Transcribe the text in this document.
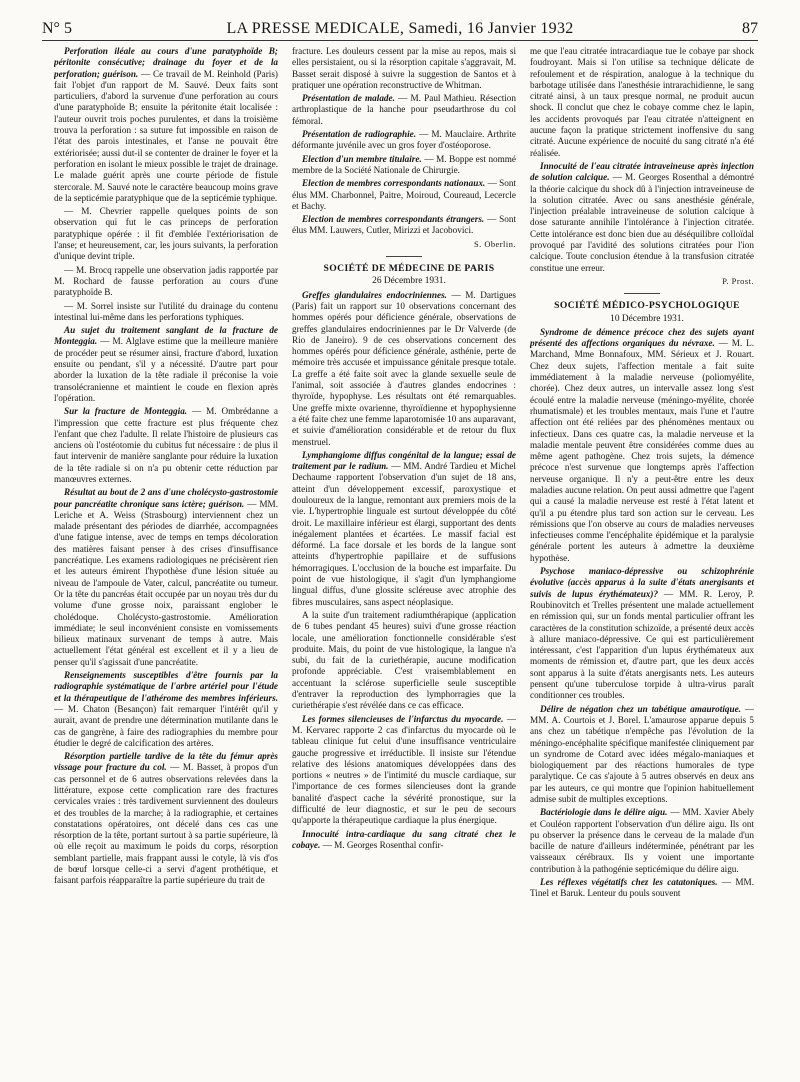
N° 5	LA PRESSE MEDICALE, Samedi, 16 Janvier 1932	87

Perforation iléale au cours d'une paratyphoïde B; péritonite consécutive; drainage du foyer et de la perforation; guérison. — Ce travail de M. Reinhold (Paris) fait l'objet d'un rapport de M. Sauvé. Deux faits sont particuliers, d'abord la survenue d'une perforation au cours d'une paratyphoïde B; ensuite la péritonite était localisée : l'auteur ouvrit trois poches purulentes, et dans la troisième trouva la perforation : sa suture fut impossible en raison de l'état des parois intestinales, et l'anse ne pouvait être extériorisée; aussi dut-il se contenter de drainer le foyer et la perforation en isolant le mieux possible le trajet de drainage. Le malade guérit après une courte période de fistule stercorale. M. Sauvé note le caractère beaucoup moins grave de la septicémie paratyphique que de la septicémie typhique.

— M. Chevrier rappelle quelques points de son observation qui fut le cas princeps de perforation paratyphique opérée : il fit d'emblée l'extériorisation de l'anse; et heureusement, car, les jours suivants, la perforation d'unique devint triple.

— M. Brocq rappelle une observation jadis rapportée par M. Rochard de fausse perforation au cours d'une paratyphoïde B.

— M. Sorrel insiste sur l'utilité du drainage du contenu intestinal lui-même dans les perforations typhiques.

Au sujet du traitement sanglant de la fracture de Monteggia. — M. Alglave estime que la meilleure manière de procéder peut se résumer ainsi, fracture d'abord, luxation ensuite ou pendant, s'il y a nécessité. D'autre part pour aborder la luxation de la tête radiale il préconise la voie transolécranienne et maintient le coude en flexion après l'opération.

Sur la fracture de Monteggia. — M. Ombrédanne a l'impression que cette fracture est plus fréquente chez l'enfant que chez l'adulte. Il relate l'histoire de plusieurs cas anciens où l'ostéotomie du cubitus fut nécessaire : de plus il faut intervenir de manière sanglante pour réduire la luxation de la tête radiale si on n'a pu obtenir cette réduction par manœuvres externes.

Résultat au bout de 2 ans d'une cholécysto-gastrostomie pour pancréatite chronique sans ictère; guérison. — MM. Leriche et A. Weiss (Strasbourg) interviennent chez un malade présentant des périodes de diarrhée, accompagnées d'une fatigue intense, avec de temps en temps décoloration des matières faisant penser à des crises d'insuffisance pancréatique. Les examens radiologiques ne précisèrent rien et les auteurs émirent l'hypothèse d'une lésion située au niveau de l'ampoule de Vater, calcul, pancréatite ou tumeur. Or la tête du pancréas était occupée par un noyau très dur du volume d'une grosse noix, paraissant englober le cholédoque. Cholécysto-gastrostomie. Amélioration immédiate; le seul inconvénient consiste en vomissements bilieux matinaux survenant de temps à autre. Mais actuellement l'état général est excellent et il y a lieu de penser qu'il s'agissait d'une pancréatite.

Renseignements susceptibles d'être fournis par la radiographie systématique de l'arbre artériel pour l'étude et la thérapeutique de l'athérome des membres inférieurs. — M. Chaton (Besançon) fait remarquer l'intérêt qu'il y aurait, avant de prendre une détermination mutilante dans le cas de gangrène, à faire des radiographies du membre pour étudier le degré de calcification des artères.

Résorption partielle tardive de la tête du fémur après vissage pour fracture du col. — M. Basset, à propos d'un cas personnel et de 6 autres observations relevées dans la littérature, expose cette complication rare des fractures cervicales vraies : très tardivement surviennent des douleurs et des troubles de la marche; à la radiographie, et certaines constatations opératoires, ont décelé dans ces cas une résorption de la tête, portant surtout à sa partie supérieure, là où elle reçoit au maximum le poids du corps, résorption semblant partielle, mais frappant aussi le cotyle, là vis d'os de bœuf lorsque celle-ci a servi d'agent prothétique, et faisant parfois réapparaître la partie supérieure du trait de

fracture. Les douleurs cessent par la mise au repos, mais si elles persistaient, ou si la résorption capitale s'aggravait, M. Basset serait disposé à suivre la suggestion de Santos et à pratiquer une opération reconstructive de Whitman.

Présentation de malade. — M. Paul Mathieu. Résection arthroplastique de la hanche pour pseudarthrose du col fémoral.

Présentation de radiographie. — M. Mauclaire. Arthrite déformante juvénile avec un gros foyer d'ostéoporose.

Election d'un membre titulaire. — M. Boppe est nommé membre de la Société Nationale de Chirurgie.

Election de membres correspondants nationaux. — Sont élus MM. Charbonnel, Paitre, Moiroud, Coureaud, Lecercle et Bachy.

Election de membres correspondants étrangers. — Sont élus MM. Lauwers, Cutler, Mirizzi et Jacobovici.

S. Oberlin.

SOCIÉTÉ DE MÉDECINE DE PARIS

26 Décembre 1931.

Greffes glandulaires endocriniennes. — M. Dartigues (Paris) fait un rapport sur 10 observations concernant des hommes opérés pour déficience générale, observations de greffes glandulaires endocriniennes par le Dr Valverde (de Rio de Janeiro). 9 de ces observations concernent des hommes opérés pour déficience générale, asthénie, perte de mémoire très accusée et impuissance génitale presque totale. La greffe a été faite soit avec la glande sexuelle seule de l'animal, soit associée à d'autres glandes endocrines : thyroïde, hypophyse. Les résultats ont été remarquables. Une greffe mixte ovarienne, thyroïdienne et hypophysienne a été faite chez une femme laparotomisée 10 ans auparavant, et suivie d'amélioration considérable et de retour du flux menstruel.

Lymphangiome diffus congénital de la langue; essai de traitement par le radium. — MM. André Tardieu et Michel Dechaume rapportent l'observation d'un sujet de 18 ans, atteint d'un développement excessif, paroxystique et douloureux de la langue, remontant aux premiers mois de la vie. L'hypertrophie linguale est surtout développée du côté droit. Le maxillaire inférieur est élargi, supportant des dents inégalement plantées et écartées. Le massif facial est déformé. La face dorsale et les bords de la langue sont atteints d'hypertrophie papillaire et de suffusions hémorragiques. L'occlusion de la bouche est imparfaite. Du point de vue histologique, il s'agit d'un lymphangiome lingual diffus, d'une glossite scléreuse avec atrophie des fibres musculaires, sans aspect néoplasique.

A la suite d'un traitement radiumthérapique (application de 6 tubes pendant 45 heures) suivi d'une grosse réaction locale, une amélioration fonctionnelle considérable s'est produite. Mais, du point de vue histologique, la langue n'a subi, du fait de la curiethérapie, aucune modification profonde appréciable. C'est vraisemblablement en accentuant la sclérose superficielle seule susceptible d'entraver la reproduction des lymphorragies que la curiethérapie s'est révélée dans ce cas efficace.

Les formes silencieuses de l'infarctus du myocarde. — M. Kervarec rapporte 2 cas d'infarctus du myocarde où le tableau clinique fut celui d'une insuffisance ventriculaire gauche progressive et irréductible. Il insiste sur l'étendue relative des lésions anatomiques développées dans des portions « neutres » de l'intimité du muscle cardiaque, sur l'importance de ces formes silencieuses dont la grande banalité d'aspect cache la sévérité pronostique, sur la difficulté de leur diagnostic, et sur le peu de secours qu'apporte la thérapeutique cardiaque la plus énergique.

Innocuité intra-cardiaque du sang citraté chez le cobaye. — M. Georges Rosenthal confir-

me que l'eau citratée intracardiaque tue le cobaye par shock foudroyant. Mais si l'on utilise sa technique délicate de refoulement et de réspiration, analogue à la technique du barbotage utilisée dans l'anesthésie intrarachidienne, le sang citraté ainsi, à un taux presque normal, ne produit aucun shock. Il conclut que chez le cobaye comme chez le lapin, les accidents provoqués par l'eau citratée n'atteignent en aucune façon la pratique strictement inoffensive du sang citraté. Aucune expérience de nocuité du sang citraté n'a été réalisée.

Innocuité de l'eau citratée intraveineuse après injection de solution calcique. — M. Georges Rosenthal a démontré la théorie calcique du shock dû à l'injection intraveineuse de la solution citratée. Avec ou sans anesthésie générale, l'injection préalable intraveineuse de solution calcique à dose saturante annihile l'intolérance à l'injection citratée. Cette intolérance est donc bien due au déséquilibre colloïdal provoqué par l'avidité des solutions citratées pour l'ion calcique. Toute conclusion étendue à la transfusion citratée constitue une erreur.

P. Prost.

SOCIÉTÉ MÉDICO-PSYCHOLOGIQUE

10 Décembre 1931.

Syndrome de démence précoce chez des sujets ayant présenté des affections organiques du névraxe. — M. L. Marchand, Mme Bonnafoux, MM. Sérieux et J. Rouart. Chez deux sujets, l'affection mentale a fait suite immédiatement à la maladie nerveuse (poliomyélite, chorée). Chez deux autres, un intervalle assez long s'est écoulé entre la maladie nerveuse (méningo-myélite, chorée rhumatismale) et les troubles mentaux, mais l'une et l'autre affection ont été reliées par des phénomènes mentaux ou infectieux. Dans ces quatre cas, la maladie nerveuse et la maladie mentale peuvent être considérées comme dues au même agent pathogène. Chez trois sujets, la démence précoce n'est survenue que longtemps après l'affection nerveuse organique. Il n'y a peut-être entre les deux maladies aucune relation. On peut aussi admettre que l'agent qui a causé la maladie nerveuse est resté à l'état latent et qu'il a pu étendre plus tard son action sur le cerveau. Les rémissions que l'on observe au cours de maladies nerveuses infectieuses comme l'encéphalite épidémique et la paralysie générale portent les auteurs à admettre la deuxième hypothèse.

Psychose maniaco-dépressive ou schizophrénie évolutive (accès apparus à la suite d'états anergisants et suivis de lupus érythémateux)? — MM. R. Leroy, P. Roubinovitch et Trelles présentent une malade actuellement en rémission qui, sur un fonds mental particulier offrant les caractères de la constitution schizoïde, a présenté deux accès à allure maniaco-dépressive. Ce qui est particulièrement intéressant, c'est l'apparition d'un lupus érythémateux aux moments de rémission et, d'autre part, que les deux accès sont apparus à la suite d'états anergisants nets. Les auteurs pensent qu'une tuberculose torpide à ultra-virus paraît conditionner ces troubles.

Délire de négation chez un tabétique amaurotique. — MM. A. Courtois et J. Borel. L'amaurose apparue depuis 5 ans chez un tabétique n'empêche pas l'évolution de la méningo-encéphalite spécifique manifestée cliniquement par un syndrome de Cotard avec idées mégalo-maniaques et biologiquement par des réactions humorales de type paralytique. Ce cas s'ajoute à 5 autres observés en deux ans par les auteurs, ce qui montre que l'opinion habituellement admise subit de multiples exceptions.

Bactériologie dans le délire aigu. — MM. Xavier Abely et Couléon rapportent l'observation d'un délire aigu. Ils ont pu observer la présence dans le cerveau de la malade d'un bacille de nature d'ailleurs indéterminée, pénétrant par les vaisseaux cérébraux. Ils y voient une importante contribution à la pathogénie septicémique du délire aigu.

Les réflexes végétatifs chez les catatoniques. — MM. Tinel et Baruk. Lenteur du pouls souvent
